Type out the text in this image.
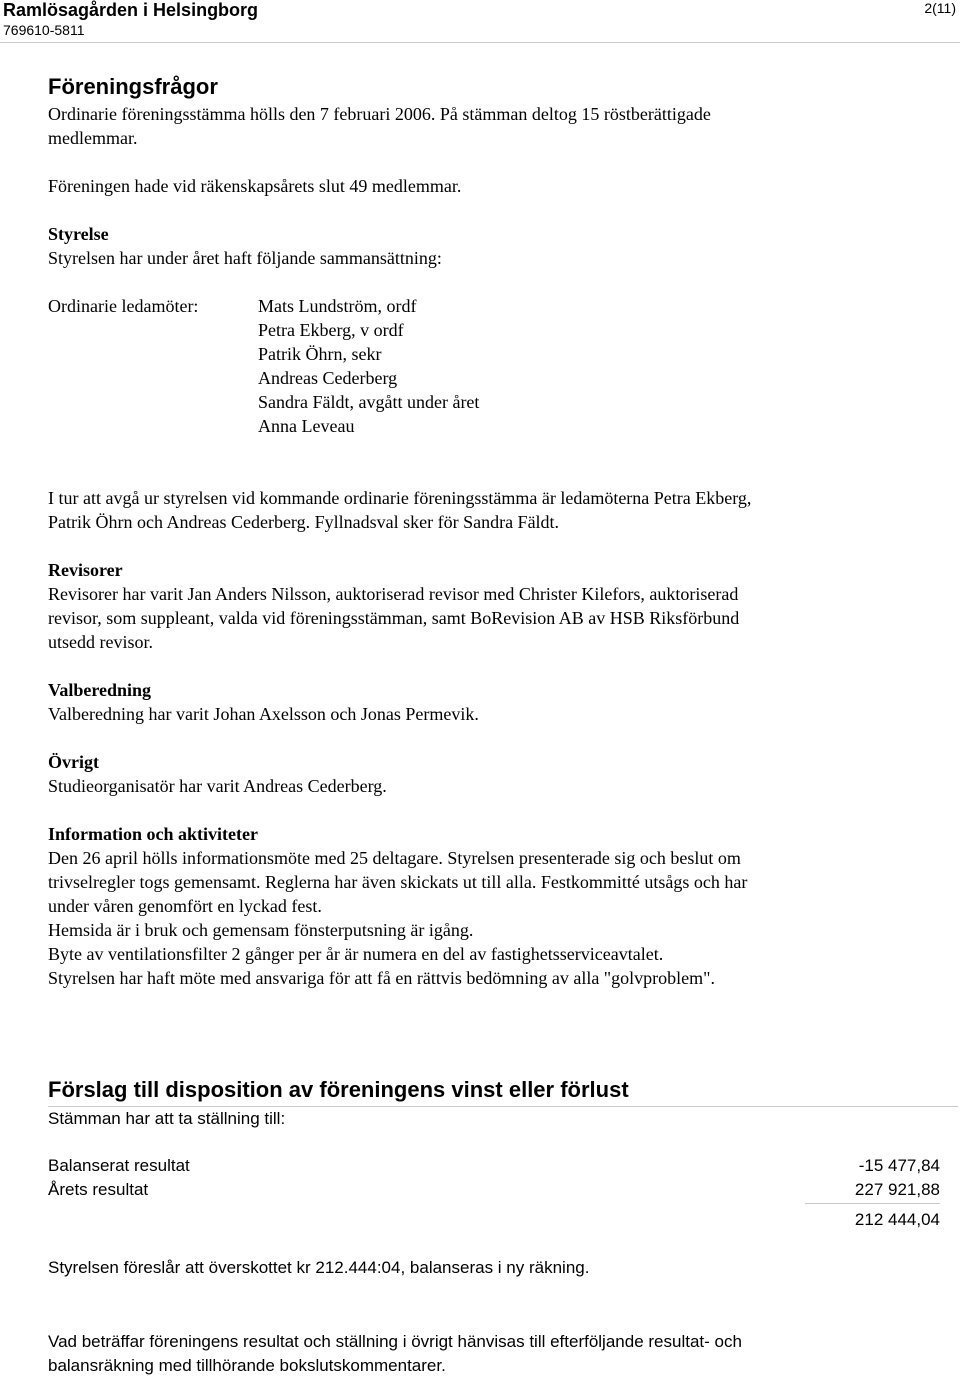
Ramlösagården i Helsingborg
769610-5811
2(11)
Föreningsfrågor

Ordinarie föreningsstämma hölls den 7 februari 2006. På stämman deltog 15 röstberättigade

medlemmar.

Föreningen hade vid räkenskapsårets slut 49 medlemmar.

Styrelse

Styrelsen har under året haft följande sammansättning:

Ordinarie ledamöter:	Mats Lundström, ordf

Petra Ekberg, v ordf

Patrik Öhrn, sekr

Andreas Cederberg

Sandra Fäldt, avgått under året

Anna Leveau

I tur att avgå ur styrelsen vid kommande ordinarie föreningsstämma är ledamöterna Petra Ekberg,

Patrik Öhrn och Andreas Cederberg. Fyllnadsval sker för Sandra Fäldt.

Revisorer

Revisorer har varit Jan Anders Nilsson, auktoriserad revisor med Christer Kilefors, auktoriserad

revisor, som suppleant, valda vid föreningsstämman, samt BoRevision AB av HSB Riksförbund

utsedd revisor.

Valberedning

Valberedning har varit Johan Axelsson och Jonas Permevik.

Övrigt

Studieorganisatör har varit Andreas Cederberg.

Information och aktiviteter

Den 26 april hölls informationsmöte med 25 deltagare. Styrelsen presenterade sig och beslut om

trivselregler togs gemensamt. Reglerna har även skickats ut till alla. Festkommitté utsågs och har

under våren genomfört en lyckad fest.

Hemsida är i bruk och gemensam fönsterputsning är igång.

Byte av ventilationsfilter 2 gånger per år är numera en del av fastighetsserviceavtalet.

Styrelsen har haft möte med ansvariga för att få en rättvis bedömning av alla "golvproblem".

Förslag till disposition av föreningens vinst eller förlust

Stämman har att ta ställning till:

Balanserat resultat	-15 477,84
Årets resultat	227 921,88
212 444,04

Styrelsen föreslår att överskottet kr 212.444:04, balanseras i ny räkning.

Vad beträffar föreningens resultat och ställning i övrigt hänvisas till efterföljande resultat- och

balansräkning med tillhörande bokslutskommentarer.
